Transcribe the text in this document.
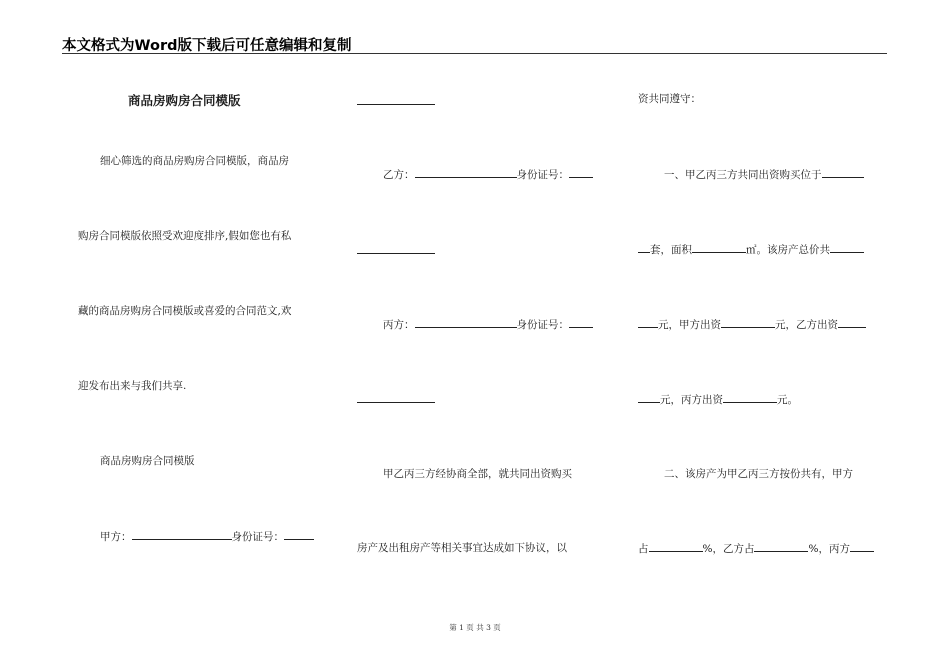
本文格式为Word版下载后可任意编辑和复制
商品房购房合同模版
细心筛选的商品房购房合同模版，商品房
购房合同模版依照受欢迎度排序,假如您也有私
藏的商品房购房合同模版或喜爱的合同范文,欢
迎发布出来与我们共享.
商品房购房合同模版
甲方：	身份证号：
乙方：	身份证号：
丙方：	身份证号：
甲乙丙三方经协商全部，就共同出资购买
房产及出租房产等相关事宜达成如下协议，以
资共同遵守：
一、甲乙丙三方共同出资购买位于
套，面积	㎡。该房产总价共
元，甲方出资	元，乙方出资
元，丙方出资	元。
二、该房产为甲乙丙三方按份共有，甲方
占	%，乙方占	%，丙方
第 1 页 共 3 页
